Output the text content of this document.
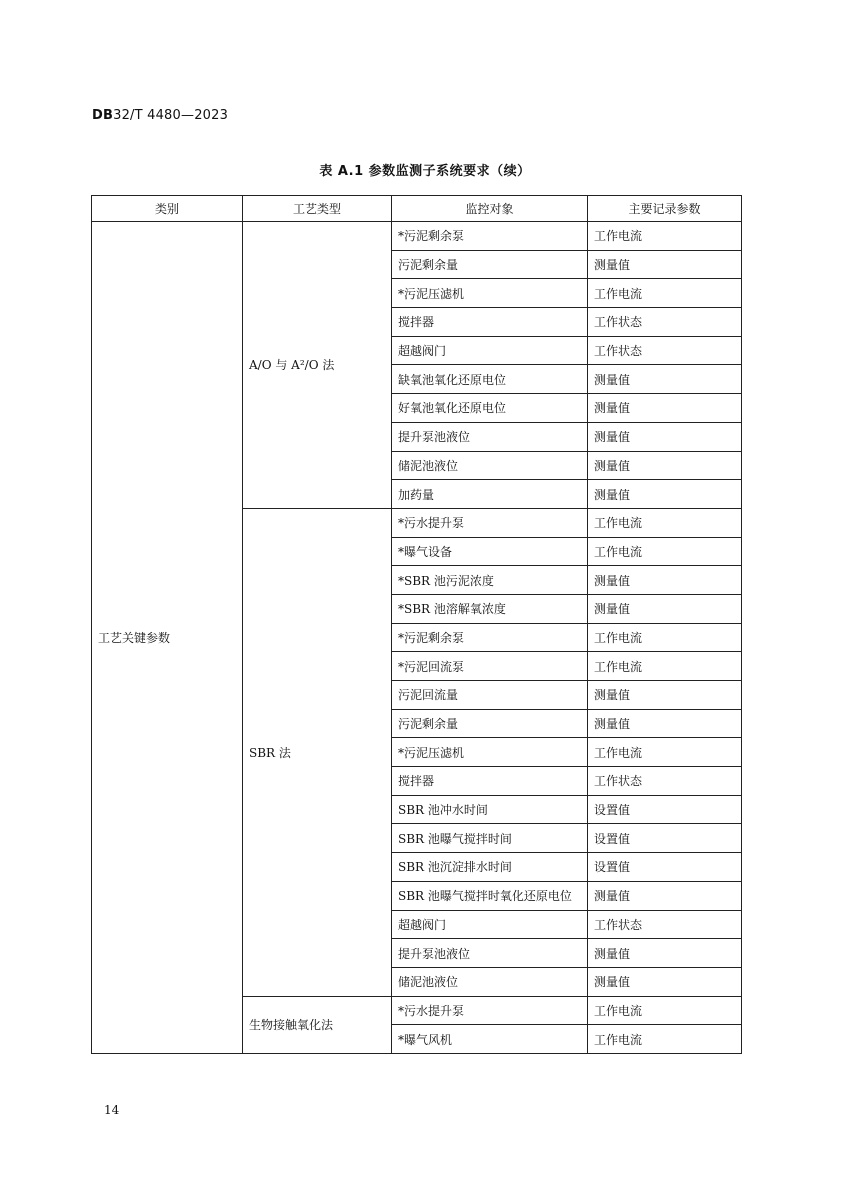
DB32/T 4480—2023
表 A.1 参数监测子系统要求（续）
类别	工艺类型	监控对象	主要记录参数
工艺关键参数	A/O 与 A²/O 法	*污泥剩余泵	工作电流
		污泥剩余量	测量值
		*污泥压滤机	工作电流
		搅拌器	工作状态
		超越阀门	工作状态
		缺氧池氧化还原电位	测量值
		好氧池氧化还原电位	测量值
		提升泵池液位	测量值
		储泥池液位	测量值
		加药量	测量值
	SBR 法	*污水提升泵	工作电流
		*曝气设备	工作电流
		*SBR 池污泥浓度	测量值
		*SBR 池溶解氧浓度	测量值
		*污泥剩余泵	工作电流
		*污泥回流泵	工作电流
		污泥回流量	测量值
		污泥剩余量	测量值
		*污泥压滤机	工作电流
		搅拌器	工作状态
		SBR 池冲水时间	设置值
		SBR 池曝气搅拌时间	设置值
		SBR 池沉淀排水时间	设置值
		SBR 池曝气搅拌时氧化还原电位	测量值
		超越阀门	工作状态
		提升泵池液位	测量值
		储泥池液位	测量值
	生物接触氧化法	*污水提升泵	工作电流
		*曝气风机	工作电流
14
